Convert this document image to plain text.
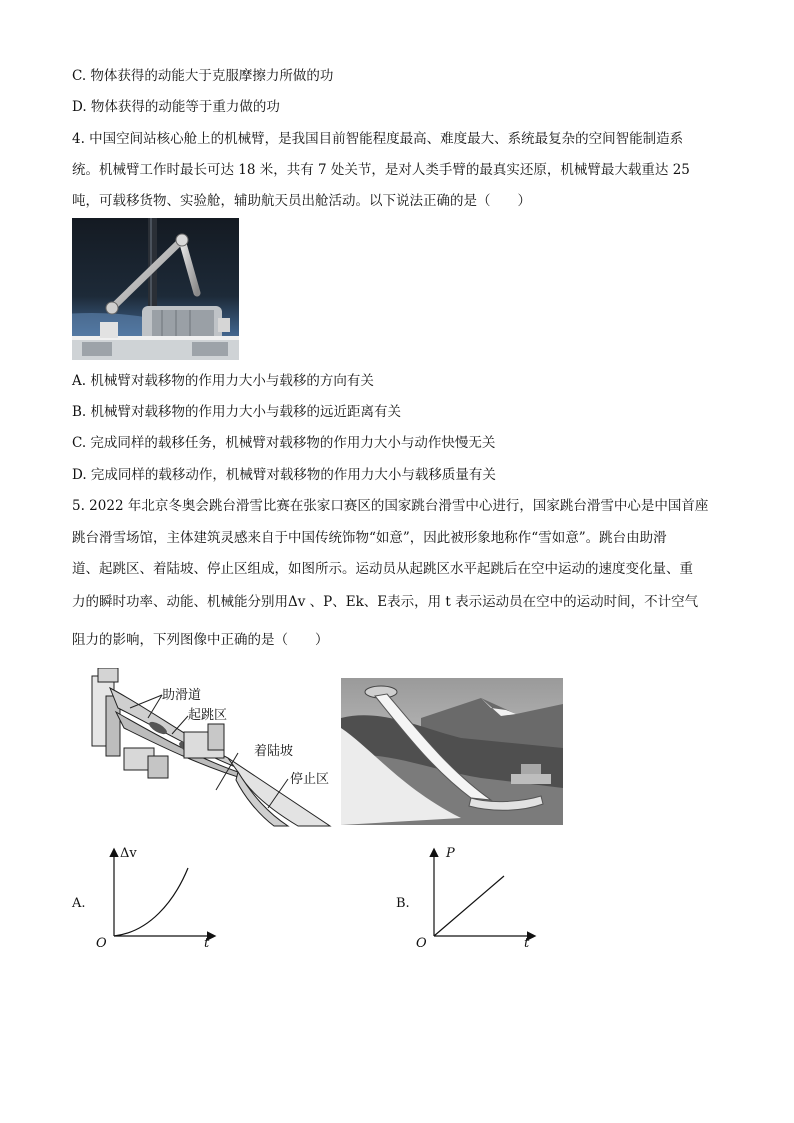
C. 物体获得的动能大于克服摩擦力所做的功
D. 物体获得的动能等于重力做的功
4. 中国空间站核心舱上的机械臂，是我国目前智能程度最高、难度最大、系统最复杂的空间智能制造系
统。机械臂工作时最长可达 18 米，共有 7 处关节，是对人类手臂的最真实还原，机械臂最大载重达 25
吨，可载移货物、实验舱，辅助航天员出舱活动。以下说法正确的是（　　）
A. 机械臂对载移物的作用力大小与载移的方向有关
B. 机械臂对载移物的作用力大小与载移的远近距离有关
C. 完成同样的载移任务，机械臂对载移物的作用力大小与动作快慢无关
D. 完成同样的载移动作，机械臂对载移物的作用力大小与载移质量有关
5. 2022 年北京冬奥会跳台滑雪比赛在张家口赛区的国家跳台滑雪中心进行，国家跳台滑雪中心是中国首座
跳台滑雪场馆，主体建筑灵感来自于中国传统饰物“如意”，因此被形象地称作“雪如意”。跳台由助滑
道、起跳区、着陆坡、停止区组成，如图所示。运动员从起跳区水平起跳后在空中运动的速度变化量、重
力的瞬时功率、动能、机械能分别用Δv 、P、Ek、E表示，用 t 表示运动员在空中的运动时间，不计空气
阻力的影响，下列图像中正确的是（　　）
助滑道
起跳区
着陆坡
停止区
A.
Δv
t
O
B.
P
t
O
